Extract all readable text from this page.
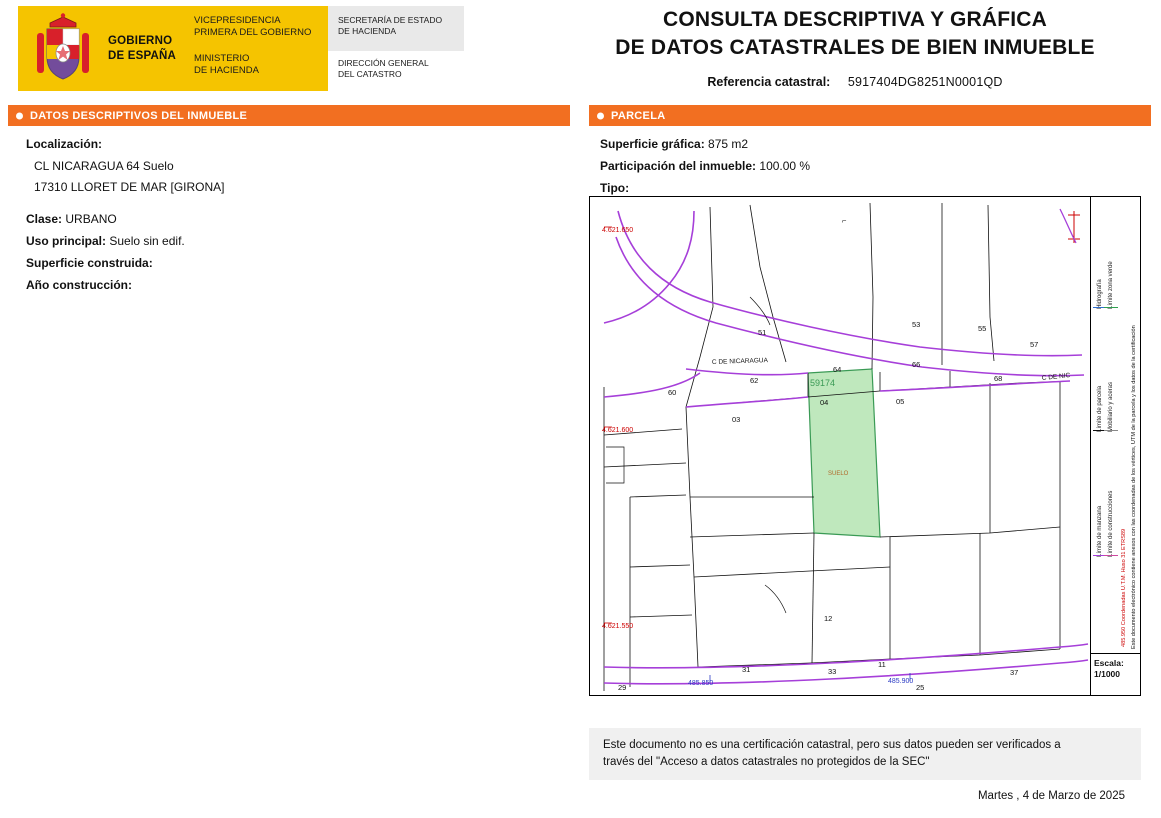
GOBIERNO
DE ESPAÑA
VICEPRESIDENCIA
PRIMERA DEL GOBIERNO
MINISTERIO
DE HACIENDA
SECRETARÍA DE ESTADO
DE HACIENDA
DIRECCIÓN GENERAL
DEL CATASTRO
CONSULTA DESCRIPTIVA Y GRÁFICA
DE DATOS CATASTRALES DE BIEN INMUEBLE
Referencia catastral: 5917404DG8251N0001QD
DATOS DESCRIPTIVOS DEL INMUEBLE	PARCELA
Localización:
CL NICARAGUA 64 Suelo
17310 LLORET DE MAR [GIRONA]
Clase: URBANO
Uso principal: Suelo sin edif.
Superficie construida:
Año construcción:
Superficie gráfica: 875 m2
Participación del inmueble: 100.00 %
Tipo:
51
53	55
57
62
64
66
68
60
03
04	05
12
31	33
11
29
37
25
59174
SUELO
C DE NICARAGUA
C DE NIC
4.621.650
4.621.600
4.621.550
485.850	485.900
⌐
Hidrografía Límite zona verde
Límite de parcela Mobiliario y aceras
Límite de manzana Límite de construcciones
485.950 Coordenadas U.T.M. Huso 31 ETRS89 Este documento electrónico contiene anexos con las coordenadas de los vértices, UTM de la parcela y los datos de la certificación
Escala:
1/1000
Este documento no es una certificación catastral, pero sus datos pueden ser verificados a
través del "Acceso a datos catastrales no protegidos de la SEC"
Martes , 4 de Marzo de 2025
